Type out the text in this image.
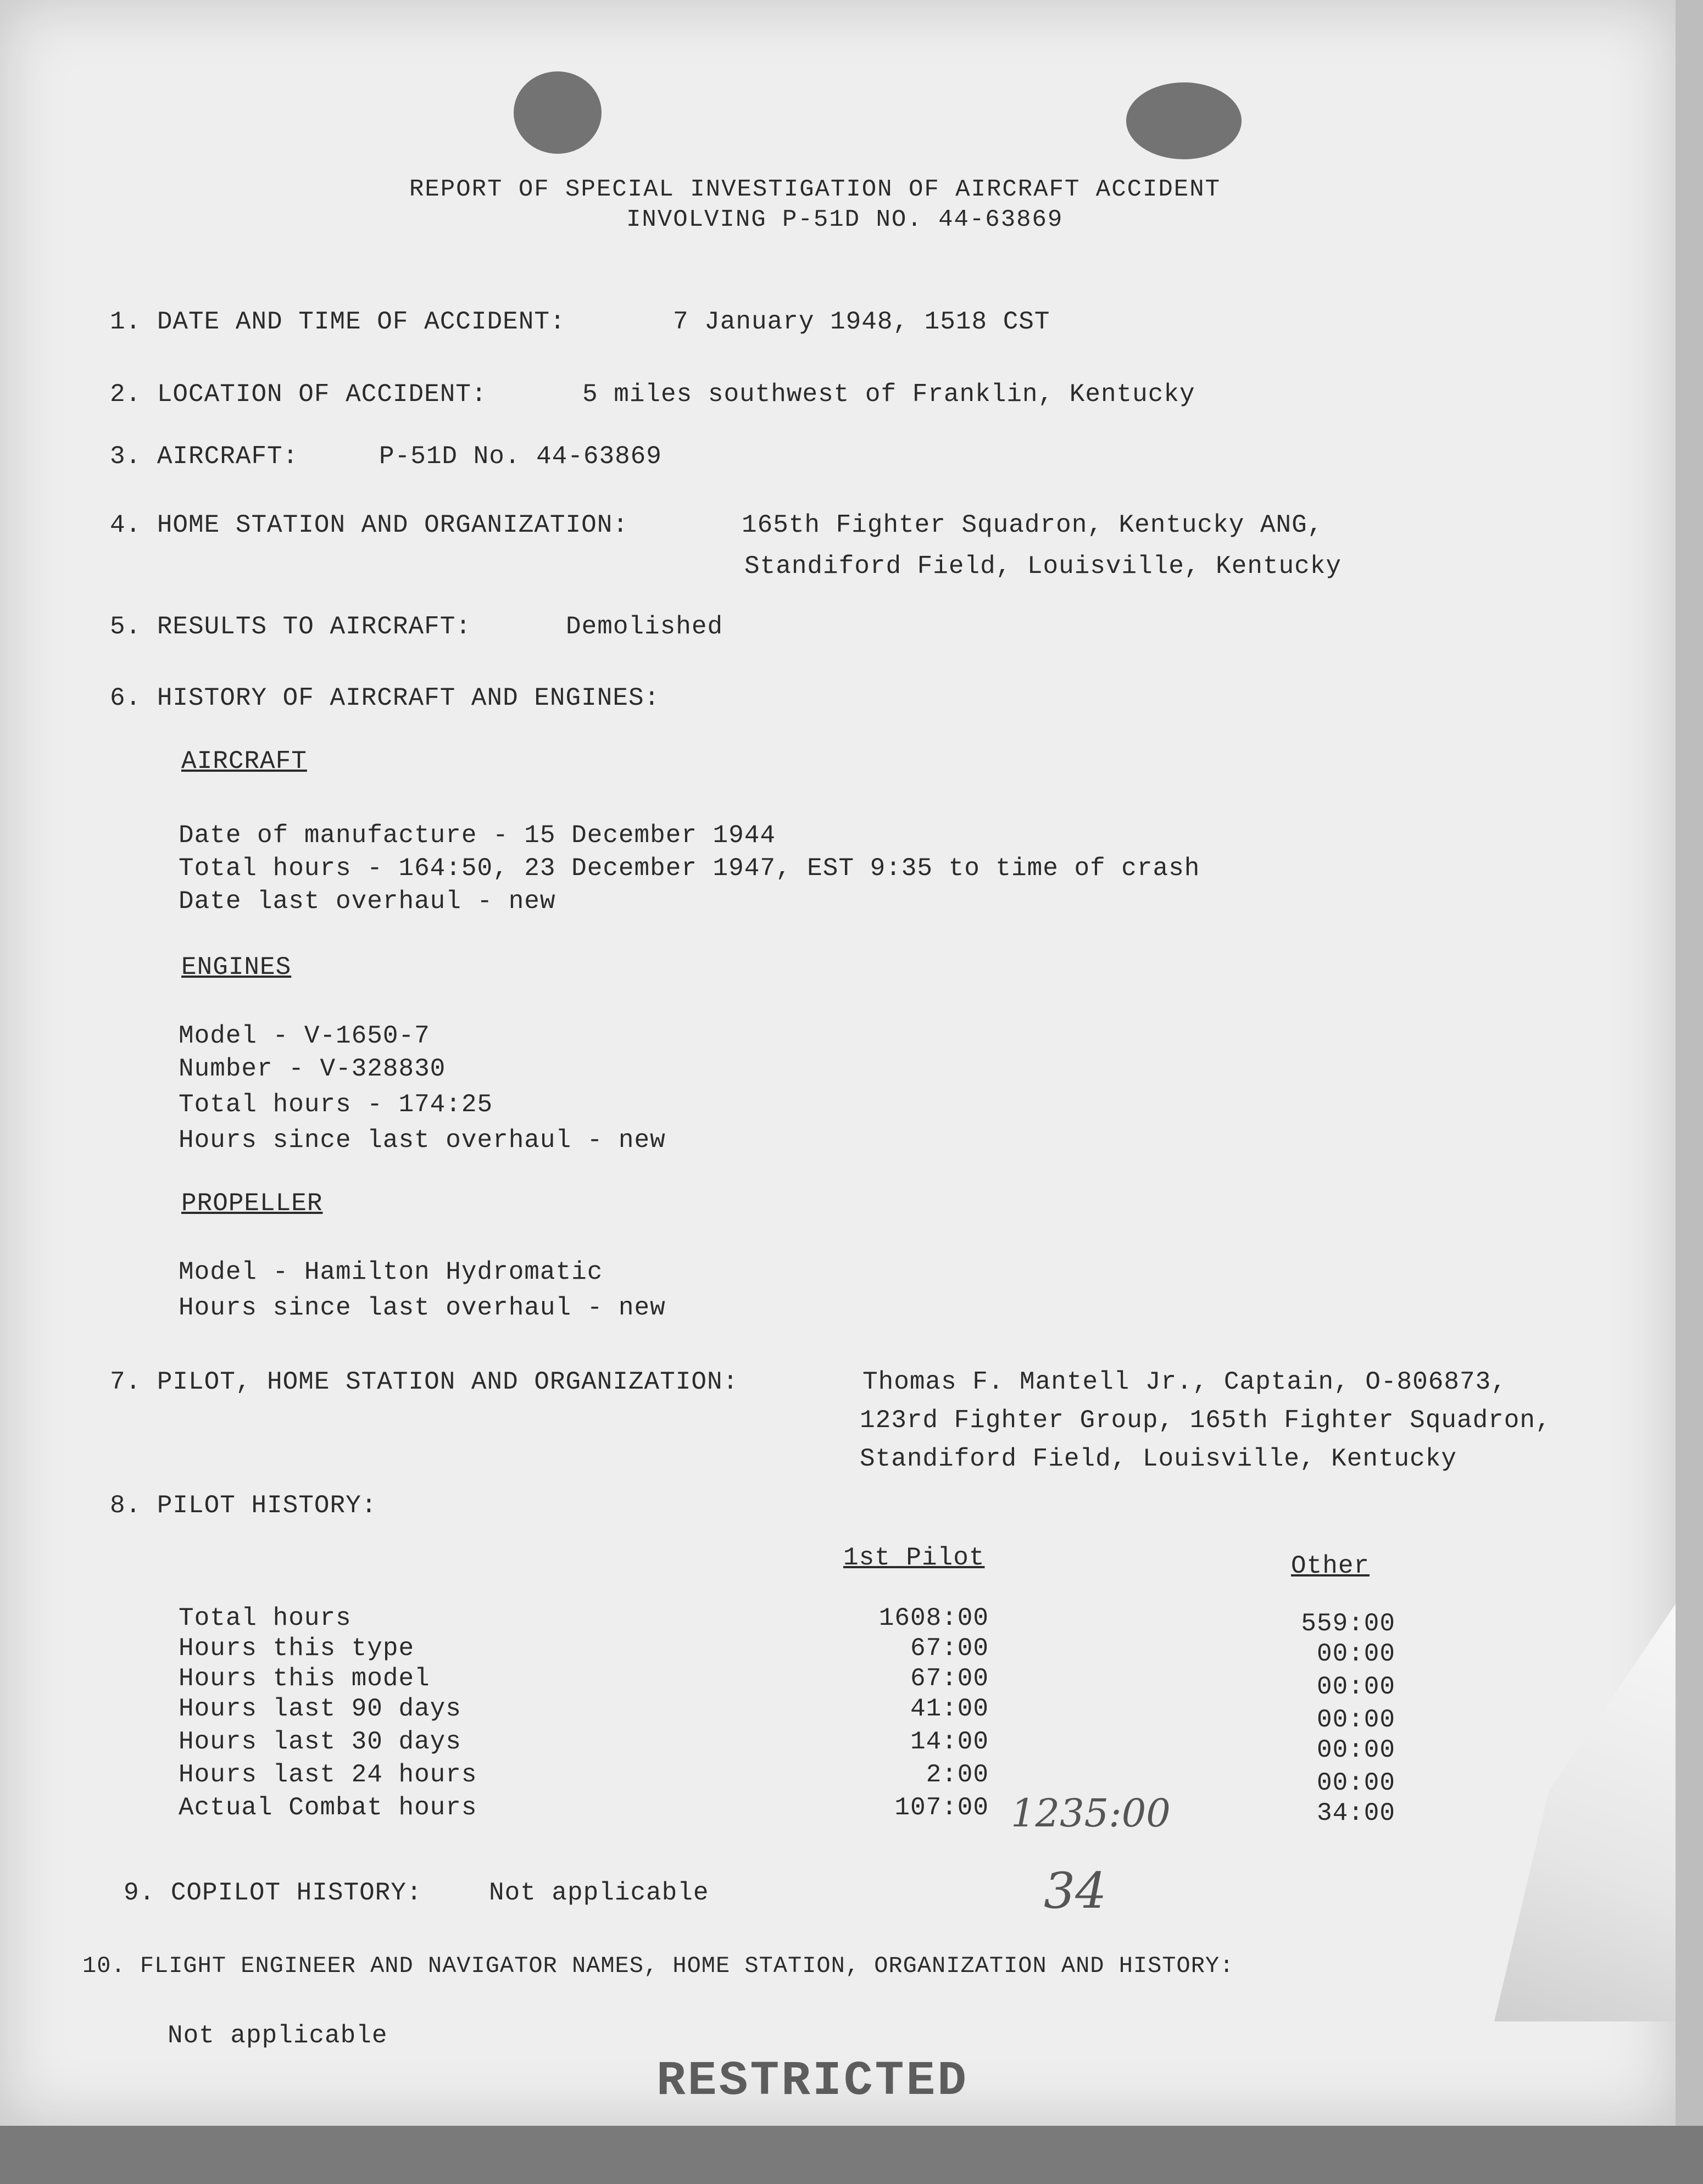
REPORT OF SPECIAL INVESTIGATION OF AIRCRAFT ACCIDENT
INVOLVING P-51D NO. 44-63869
1. DATE AND TIME OF ACCIDENT:	7 January 1948, 1518 CST
2. LOCATION OF ACCIDENT:	5 miles southwest of Franklin, Kentucky
3. AIRCRAFT:	P-51D No. 44-63869
4. HOME STATION AND ORGANIZATION:	165th Fighter Squadron, Kentucky ANG,
Standiford Field, Louisville, Kentucky
5. RESULTS TO AIRCRAFT:	Demolished
6. HISTORY OF AIRCRAFT AND ENGINES:
AIRCRAFT
Date of manufacture - 15 December 1944
Total hours - 164:50, 23 December 1947, EST 9:35 to time of crash
Date last overhaul - new
ENGINES
Model - V-1650-7
Number - V-328830
Total hours - 174:25
Hours since last overhaul - new
PROPELLER
Model - Hamilton Hydromatic
Hours since last overhaul - new
7. PILOT, HOME STATION AND ORGANIZATION:	Thomas F. Mantell Jr., Captain, O-806873,
123rd Fighter Group, 165th Fighter Squadron,
Standiford Field, Louisville, Kentucky
8. PILOT HISTORY:
1st Pilot	Other
Total hours	1608:00	559:00
Hours this type	67:00	00:00
Hours this model	67:00	00:00
Hours last 90 days	41:00	00:00
Hours last 30 days	14:00	00:00
Hours last 24 hours	2:00	00:00
Actual Combat hours	107:00	34:00
1235:00
34
9. COPILOT HISTORY:	Not applicable
10. FLIGHT ENGINEER AND NAVIGATOR NAMES, HOME STATION, ORGANIZATION AND HISTORY:
Not applicable
RESTRICTED
